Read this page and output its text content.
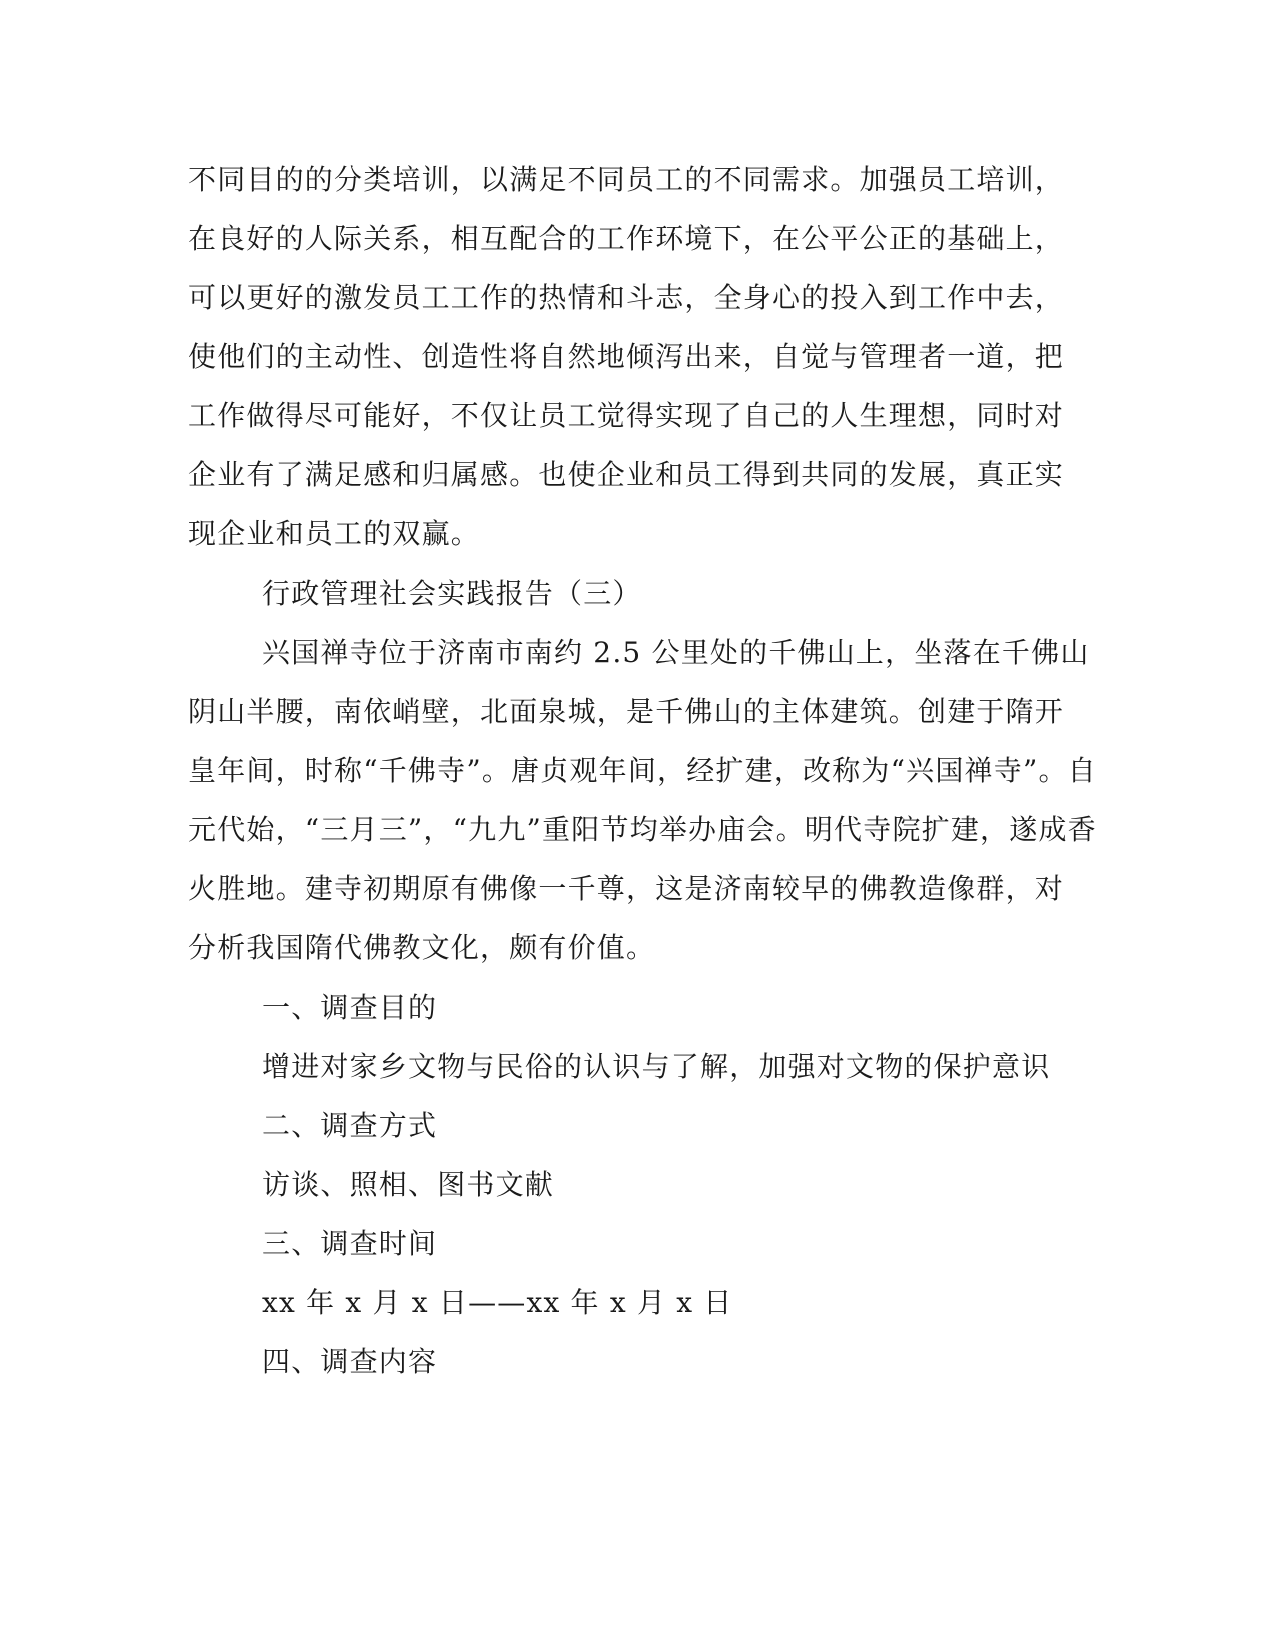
不同目的的分类培训，以满足不同员工的不同需求。加强员工培训，
在良好的人际关系，相互配合的工作环境下，在公平公正的基础上，
可以更好的激发员工工作的热情和斗志，全身心的投入到工作中去，
使他们的主动性、创造性将自然地倾泻出来，自觉与管理者一道，把
工作做得尽可能好，不仅让员工觉得实现了自己的人生理想，同时对
企业有了满足感和归属感。也使企业和员工得到共同的发展，真正实
现企业和员工的双赢。
行政管理社会实践报告（三）
兴国禅寺位于济南市南约 2.5 公里处的千佛山上，坐落在千佛山
阴山半腰，南依峭壁，北面泉城，是千佛山的主体建筑。创建于隋开
皇年间，时称“千佛寺”。唐贞观年间，经扩建，改称为“兴国禅寺”。自
元代始，“三月三”，“九九”重阳节均举办庙会。明代寺院扩建，遂成香
火胜地。建寺初期原有佛像一千尊，这是济南较早的佛教造像群，对
分析我国隋代佛教文化，颇有价值。
一、调查目的
增进对家乡文物与民俗的认识与了解，加强对文物的保护意识
二、调查方式
访谈、照相、图书文献
三、调查时间
xx 年 x 月 x 日——xx 年 x 月 x 日
四、调查内容
